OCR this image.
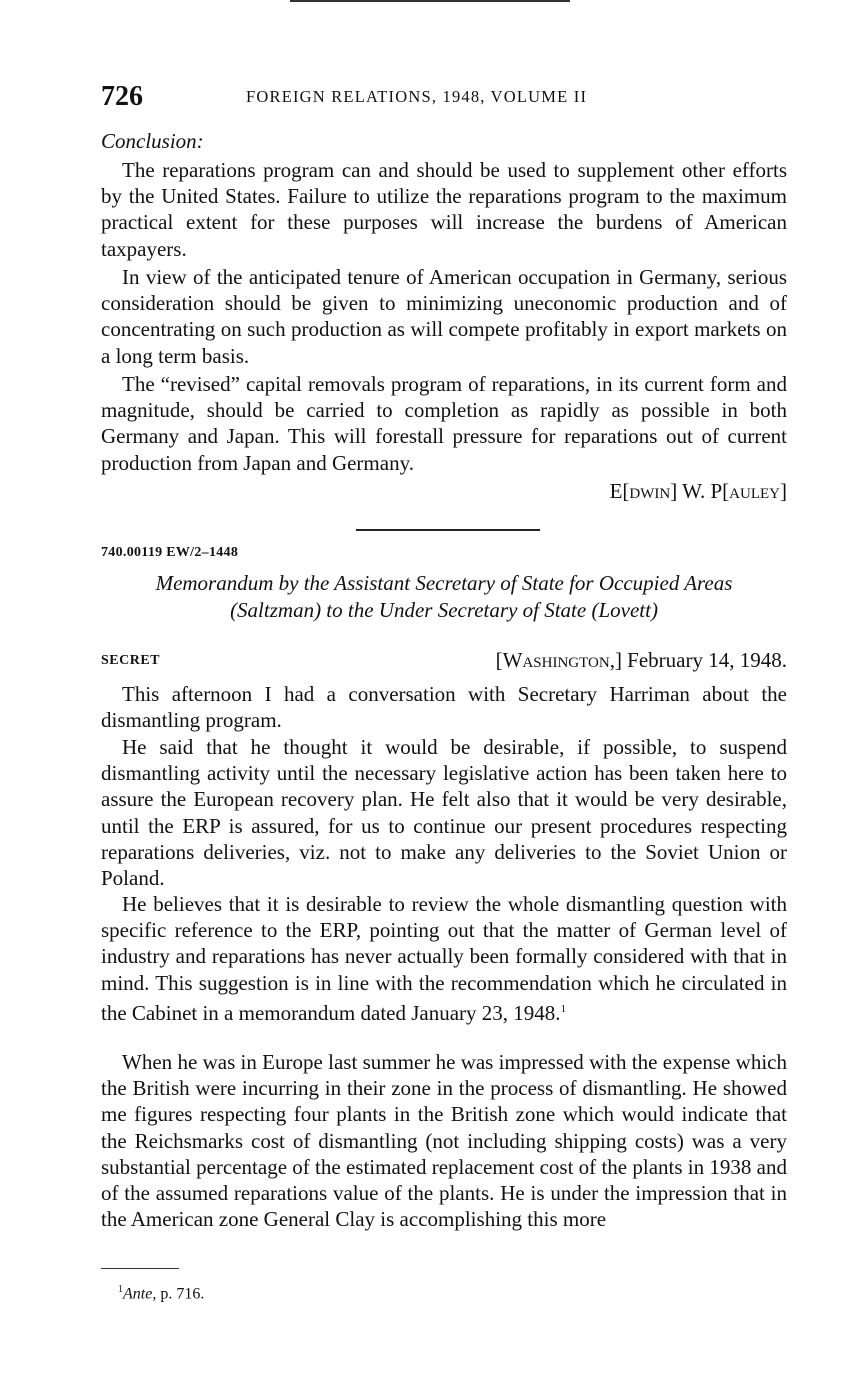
726	FOREIGN RELATIONS, 1948, VOLUME II
Conclusion:

The reparations program can and should be used to supplement other efforts by the United States. Failure to utilize the reparations program to the maximum practical extent for these purposes will increase the burdens of American taxpayers.

In view of the anticipated tenure of American occupation in Germany, serious consideration should be given to minimizing uneconomic production and of concentrating on such production as will compete profitably in export markets on a long term basis.

The “revised” capital removals program of reparations, in its current form and magnitude, should be carried to completion as rapidly as possible in both Germany and Japan. This will forestall pressure for reparations out of current production from Japan and Germany.

E[dwin] W. P[auley]
740.00119 EW/2–1448
Memorandum by the Assistant Secretary of State for Occupied Areas
(Saltzman) to the Under Secretary of State (Lovett)
SECRET	[Washington,] February 14, 1948.

This afternoon I had a conversation with Secretary Harriman about the dismantling program.

He said that he thought it would be desirable, if possible, to suspend dismantling activity until the necessary legislative action has been taken here to assure the European recovery plan. He felt also that it would be very desirable, until the ERP is assured, for us to continue our present procedures respecting reparations deliveries, viz. not to make any deliveries to the Soviet Union or Poland.

He believes that it is desirable to review the whole dismantling question with specific reference to the ERP, pointing out that the matter of German level of industry and reparations has never actually been formally considered with that in mind. This suggestion is in line with the recommendation which he circulated in the Cabinet in a memorandum dated January 23, 1948.$^1$

When he was in Europe last summer he was impressed with the expense which the British were incurring in their zone in the process of dismantling. He showed me figures respecting four plants in the British zone which would indicate that the Reichsmarks cost of dismantling (not including shipping costs) was a very substantial percentage of the estimated replacement cost of the plants in 1938 and of the assumed reparations value of the plants. He is under the impression that in the American zone General Clay is accomplishing this more

$^1$Ante, p. 716.
